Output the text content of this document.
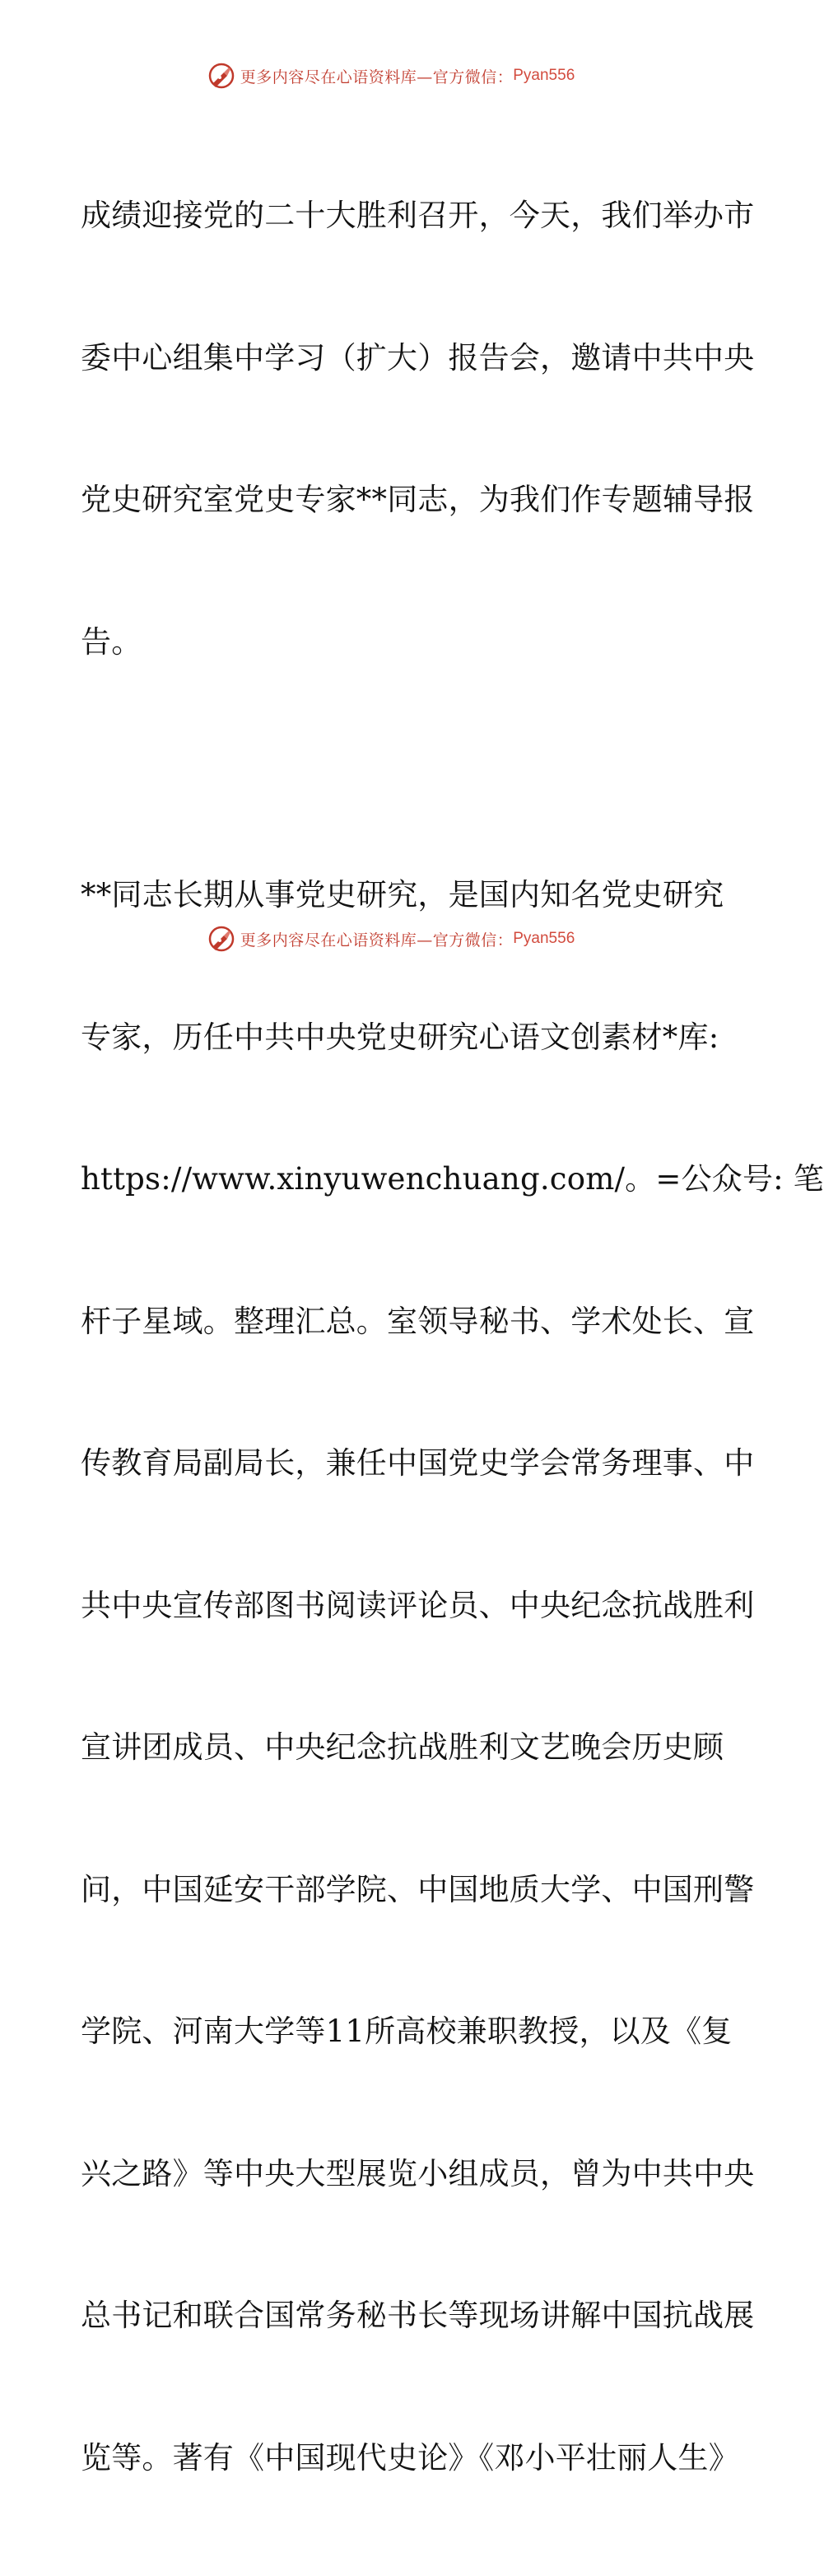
更多内容尽在心语资料库—官方微信： Pyan556

成绩迎接党的二十大胜利召开，今天，我们举办市

委中心组集中学习（扩大）报告会，邀请中共中央

党史研究室党史专家**同志，为我们作专题辅导报

告。

**同志长期从事党史研究，是国内知名党史研究

专家，历任中共中央党史研究心语文创素材*库:

https://www.xinyuwenchuang.com/。=公众号: 笔

杆子星域。整理汇总。室领导秘书、学术处长、宣

传教育局副局长，兼任中国党史学会常务理事、中

共中央宣传部图书阅读评论员、中央纪念抗战胜利

宣讲团成员、中央纪念抗战胜利文艺晚会历史顾

问，中国延安干部学院、中国地质大学、中国刑警

学院、河南大学等11所高校兼职教授，以及《复

兴之路》等中央大型展览小组成员，曾为中共中央

总书记和联合国常务秘书长等现场讲解中国抗战展

览等。著有《中国现代史论》《邓小平壮丽人生》

更多内容尽在心语资料库—官方微信： Pyan556
